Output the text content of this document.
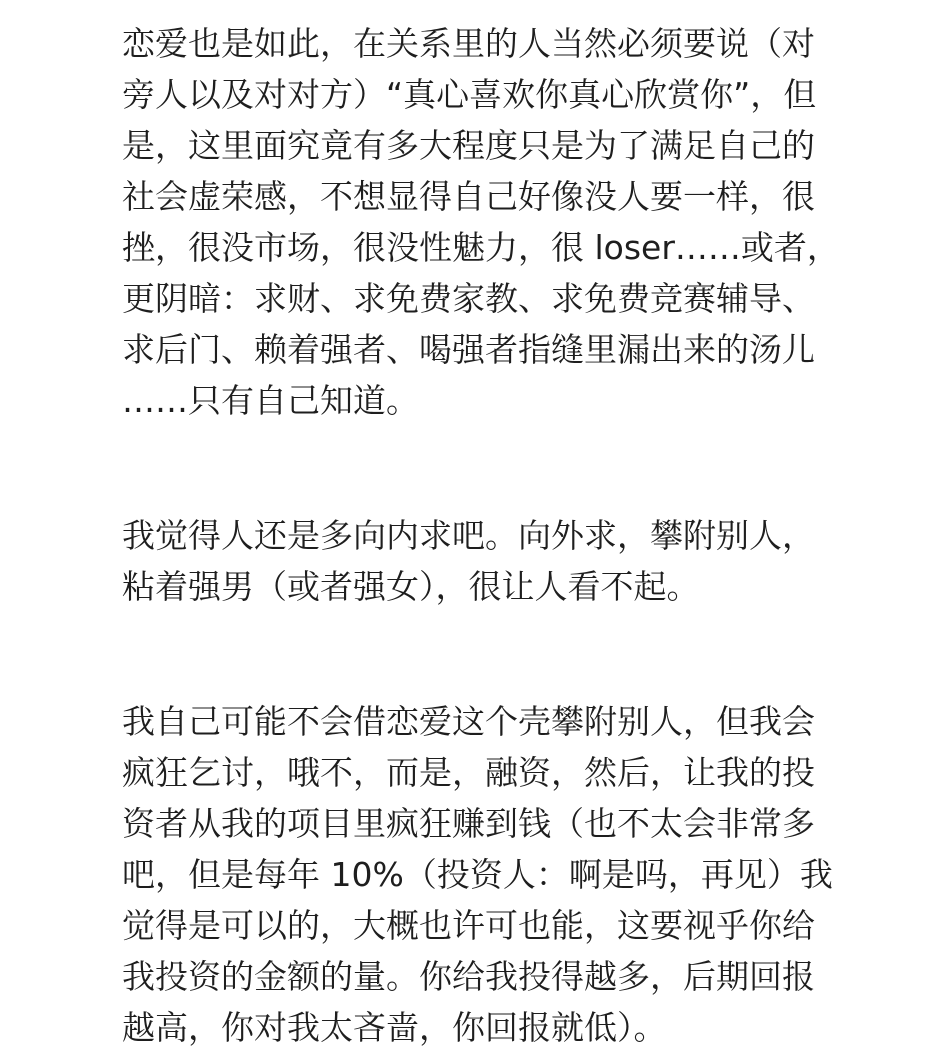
恋爱也是如此，在关系里的人当然必须要说（对
旁人以及对对方）“真心喜欢你真心欣赏你”，但
是，这里面究竟有多大程度只是为了满足自己的
社会虚荣感，不想显得自己好像没人要一样，很
挫，很没市场，很没性魅力，很 loser……或者，
更阴暗：求财、求免费家教、求免费竞赛辅导、
求后门、赖着强者、喝强者指缝里漏出来的汤儿
……只有自己知道。
我觉得人还是多向内求吧。向外求，攀附别人，
粘着强男（或者强女），很让人看不起。
我自己可能不会借恋爱这个壳攀附别人，但我会
疯狂乞讨，哦不，而是，融资，然后，让我的投
资者从我的项目里疯狂赚到钱（也不太会非常多
吧，但是每年 10%（投资人：啊是吗，再见）我
觉得是可以的，大概也许可也能，这要视乎你给
我投资的金额的量。你给我投得越多，后期回报
越高，你对我太吝啬，你回报就低）。
